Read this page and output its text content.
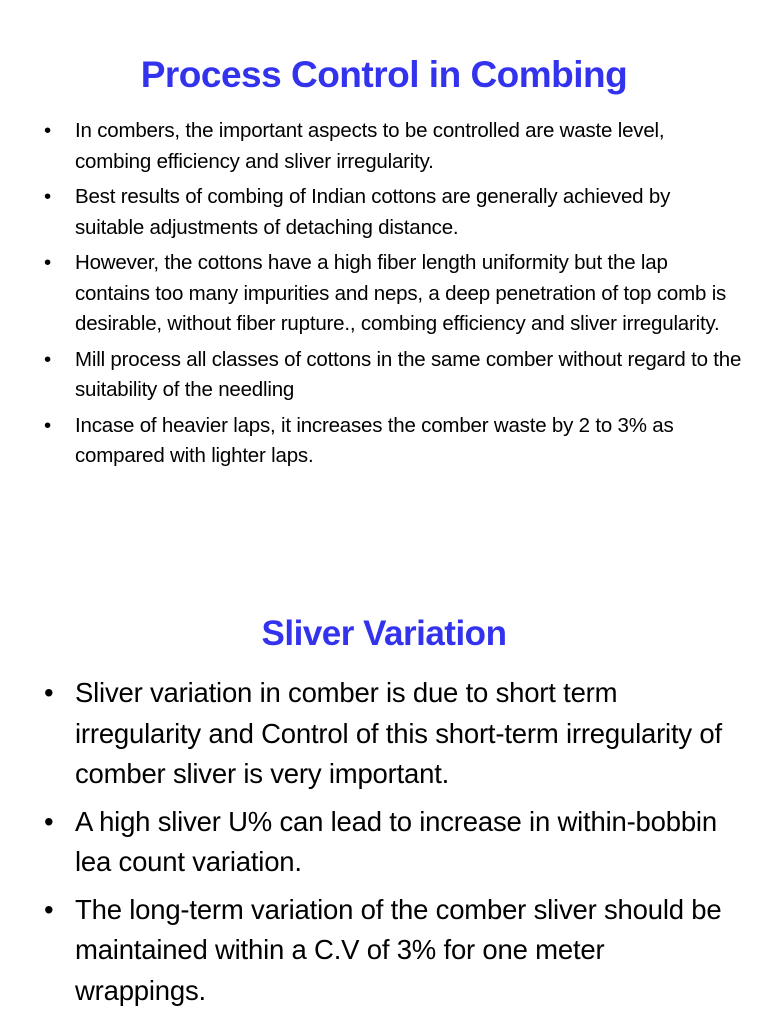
Process Control in Combing
• In combers, the important aspects to be controlled are waste level, combing efficiency and sliver irregularity.
• Best results of combing of Indian cottons are generally achieved by suitable adjustments of detaching distance.
• However, the cottons have a high fiber length uniformity but the lap contains too many impurities and neps, a deep penetration of top comb is desirable, without fiber rupture., combing efficiency and sliver irregularity.
• Mill process all classes of cottons in the same comber without regard to the suitability of the needling
• Incase of heavier laps, it increases the comber waste by 2 to 3% as compared with lighter laps.
Sliver Variation
• Sliver variation in comber is due to short term irregularity and Control of this short-term irregularity of comber sliver is very important.
• A high sliver U% can lead to increase in within-bobbin lea count variation.
• The long-term variation of the comber sliver should be maintained within a C.V of 3% for one meter wrappings.
